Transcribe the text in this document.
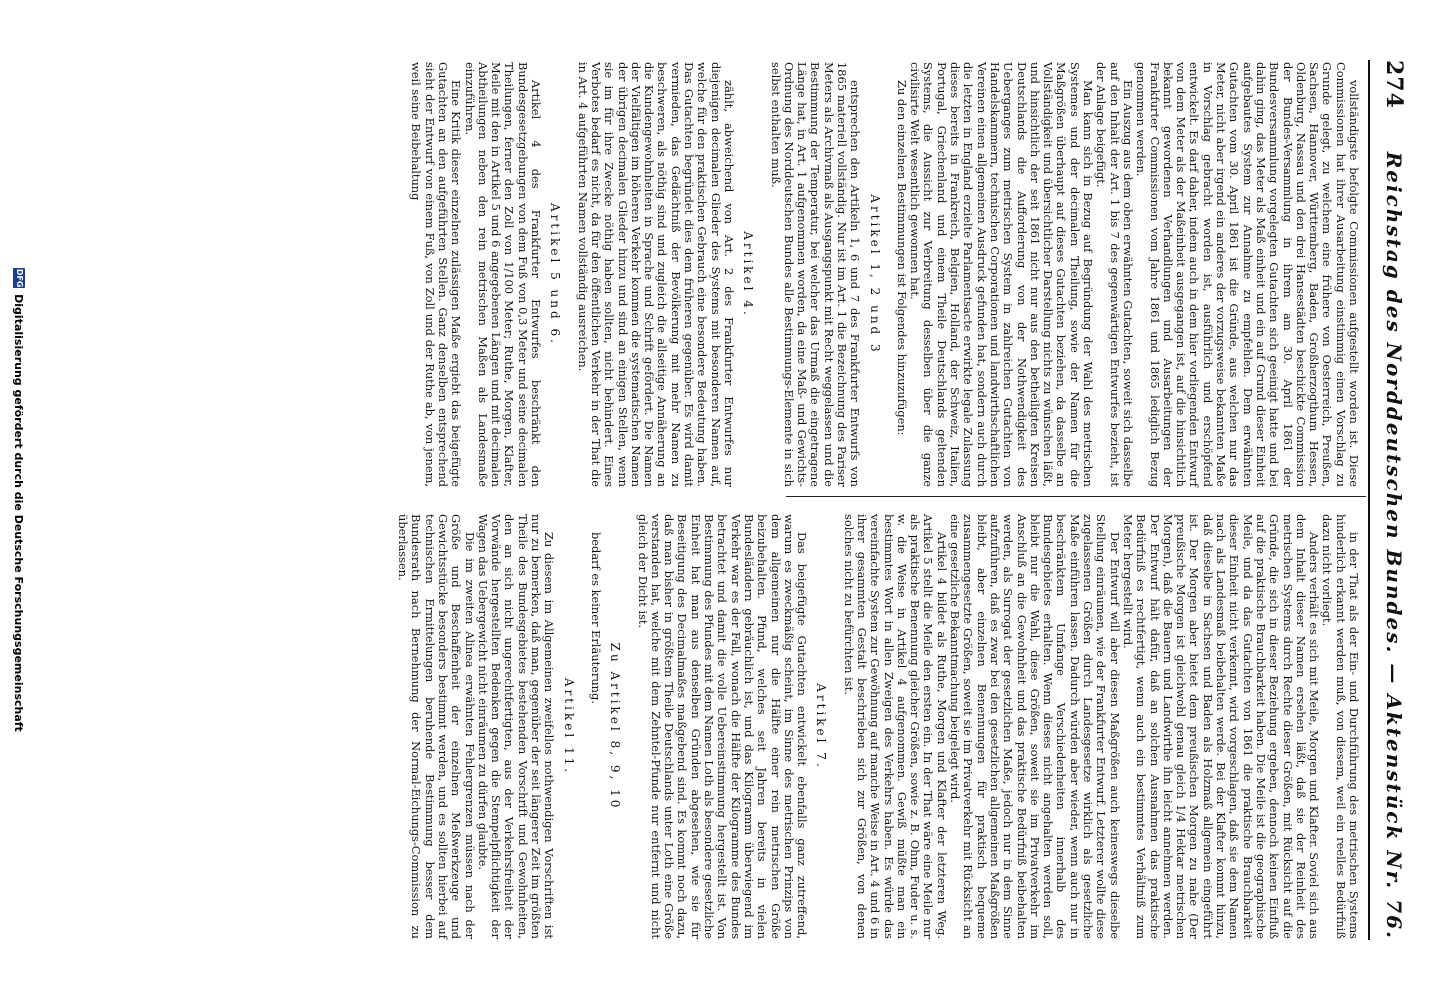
274
Reichstag des Norddeutschen Bundes. — Aktenstück Nr. 76.

vollständigste befolgte Commissionen aufgestellt worden ist. Diese Commissionen hat ihrer Ausarbeitung einstimmig einen Vorschlag zu Grunde gelegt, zu welchem eine frühere von Oesterreich, Preußen, Sachsen, Hannover, Württemberg, Baden, Großherzogthum Hessen, Oldenburg, Nassau und den drei Hansestädten beschickte Commission der Bundes-Versammlung in ihrem am 30. April 1861 der Bundesversammlung vorgelegten Gutachten sich geeinigt hatte und bei dahin ging, das Meter als Maß einheit und ein auf Grund dieser Einheit aufgebautes System zur Annahme zu empfehlen. Dem erwähnten Gutachten vom 30. April 1861 ist die Gründe, aus welchen nur das Meter, nicht aber irgend ein anderes der vorzugsweise bekannten Maße in Vorschlag gebracht worden ist, ausführlich und erschöpfend entwickelt. Es darf daher, indem auch in dem hier vorliegenden Entwurf von dem Meter als der Maßeinheit ausgegangen ist, auf die hinsichtlich bekannt gewordenen Verhandlungen und Ausarbeitungen der Frankfurter Commissionen vom Jahre 1861 und 1865 lediglich Bezug genommen werden.

Ein Auszug aus dem oben erwähnten Gutachten, soweit sich dasselbe auf den Inhalt der Art. 1 bis 7 des gegenwärtigen Entwurfes bezieht, ist der Anlage beigefügt.

Man kann sich in Bezug auf Begründung der Wahl des metrischen Systemes und der decimalen Theilung, sowie der Namen für die Maßgrößen überhaupt auf dieses Gutachten beziehen, da dasselbe an Vollständigkeit und übersichtlicher Darstellung nichts zu wünschen läßt, und hinsichtlich der seit 1861 nicht nur aus den betheiligten Kreisen Deutschlands die Aufforderung von der Nothwendigkeit des Ueberganges zum metrischen System in zahlreichen Gutachten von Handelskammern, technischen Corporationen und landwirthschaftlichen Vereinen einen allgemeinen Ausdruck gefunden hat, sondern auch durch die letzten in England erzielte Parlamentsacte erwirkte legale Zulassung dieses bereits in Frankreich, Belgien, Holland, der Schweiz, Italien, Portugal, Griechenland und einem Theile Deutschlands geltenden Systems, die Aussicht zur Verbreitung desselben über die ganze civilisirte Welt wesentlich gewonnen hat.

Zu den einzelnen Bestimmungen ist Folgendes hinzuzufügen:

Artikel 1, 2 und 3

entsprechen den Artikeln 1, 6 und 7 des Frankfurter Entwurfs von 1865 materiell vollständig. Nur ist im Art. 1 die Bezeichnung des Pariser Meters als Archivmaß als Ausgangspunkt mit Recht weggelassen und die Bestimmung der Temperatur, bei welcher das Urmaß die eingetragene Länge hat, in Art. 1 aufgenommen worden, da eine Maß- und Gewichts-Ordnung des Norddeutschen Bundes alle Bestimmungs-Elemente in sich selbst enthalten muß.

Artikel 4.

zählt, abweichend von Art. 2 des Frankfurter Entwurfes nur diejenigen decimalen Glieder des Systems mit besonderen Namen auf, welche für den praktischen Gebrauch eine besondere Bedeutung haben. Das Gutachten begründet dies dem früheren gegenüber. Es wird damit vermieden, das Gedächtniß der Bevölkerung mit mehr Namen zu beschweren, als nöthig sind und zugleich die allseitige Annäherung an die Kundengewohnheiten in Sprache und Schrift gefördert. Die Namen der Vielfältigen im höheren Verkehr kommen die systematischen Namen der übrigen decimalen Glieder hinzu und sind an einigen Stellen, wenn sie im für ihre Zwecke nöthig haben sollten, nicht behindert. Eines Verbotes bedarf es nicht, da für den öffentlichen Verkehr in der That die in Art. 4 aufgeführten Namen vollständig ausreichen.

Artikel 5 und 6.

Artikel 4 des Frankfurter Entwurfes beschränkt den Bundesgesetzgebungen von dem Fuß von 0,3 Meter und seine decimalen Theilungen, ferner den Zoll von 1/100 Meter; Ruthe, Morgen, Klafter, Meile mit den in Artikel 5 und 6 angegebenen Längen und mit decimalen Abtheilungen neben den rein metrischen Maßen als Landesmaße einzuführen.

Eine Kritik dieser einzelnen zulässigen Maße ergiebt das beigefügte Gutachten an den aufgeführten Stellen. Ganz denselben entsprechend sieht der Entwurf von einem Fuß, von Zoll und der Ruthe ab, von jenem, weil seine Beibehaltung

in der That als der Ein- und Durchführung des metrischen Systems hinderlich erkannt werden muß, von diesem, weil ein reelles Bedürfniß dazu nicht vorliegt.

Anders verhält es sich mit Meile, Morgen und Klafter. Soviel sich aus dem Inhalt dieser Namen ersehen läßt, daß sie der Reinheit des metrischen Systems durch Rechte dieser Größen, mit Rücksicht auf die Gründe, die sich in dieser Beziehung ergeben, dennoch keinen Einfluß auf die praktische Brauchbarkeit haben. Die Meile ist die geographische Meile, und da das Gutachten von 1861 die praktische Brauchbarkeit dieser Einheit nicht verkennt, wird vorgeschlagen, daß sie dem Namen nach als Landesmaß beibehalten werde. Bei der Klafter kommt hinzu, daß dieselbe in Sachsen und Baden als Holzmaß allgemein eingeführt ist. Der Morgen aber bietet dem preußischen Morgen zu nahe (Der preußische Morgen ist gleichwohl genau gleich 1/4 Hektar metrischen Morgen), daß die Bauern und Landwirthe ihn leicht annehmen werden. Der Entwurf hält dafür, daß an solchen Ausnahmen das praktische Bedürfniß es rechtfertigt, wenn auch ein bestimmtes Verhältniß zum Meter hergestellt wird.

Der Entwurf will aber diesen Maßgrößen auch keineswegs dieselbe Stellung einräumen, wie der Frankfurter Entwurf. Letzterer wollte diese zugelassenen Größen durch Landesgesetze wirklich als gesetzliche Maße einführen lassen. Dadurch würden aber wieder, wenn auch nur in beschränktem Umfange Verschiedenheiten innerhalb des Bundesgebietes erhalten. Wenn dieses nicht angehalten werden soll, bleibt nur die Wahl, diese Größen, soweit sie im Privatverkehr im Anschluß an die Gewohnheit und das praktische Bedürfniß beibehalten werden, als Surrogat der gesetzlichen Maße, jedoch nur in dem Sinne aufzuführen, daß es zwar bei den gesetzlichen allgemeinen Maßgrößen bleibt, aber einzelnen Benennungen für praktisch bequeme zusammengesetzte Größen, soweit sie im Privatverkehr mit Rücksicht an eine gesetzliche Bekanntmachung beigelegt wird.

Artikel 4 bildet als Ruthe, Morgen und Klafter der letzteren Weg. Artikel 5 stellt die Meile den ersten ein. In der That wäre eine Meile nur als praktische Benennung gleicher Größen, sowie z. B. Ohm, Fuder u. s. w. die Weise in Artikel 4 aufgenommen. Gewiß müßte man ein bestimmtes Wort in allen Zweigen des Verkehrs haben. Es würde das vereinfachte System zur Gewöhnung auf manche Weise in Art. 4 und 6 in ihrer gesammten Gestalt beschrieben sich zur Größen, von denen solches nicht zu befürchten ist.

Artikel 7.

Das beigefügte Gutachten entwickelt ebenfalls ganz zutreffend, warum es zweckmäßig scheint, im Sinne des metrischen Prinzips von dem allgemeinen nur die Hälfte einer rein metrischen Größe beizubehalten. Pfund, welches seit Jahren bereits in vielen Bundesländern gebräuchlich ist, und das Kilogramm überwiegend im Verkehr war es der Fall, wonach die Hälfte der Kilogramme des Bundes betrachtet und damit die volle Uebereinstimmung hergestellt ist. Von Bestimmung des Pfundes mit dem Namen Loth als besondere gesetzliche Einheit hat man aus denselben Gründen abgesehen, wie sie für Beseitigung des Decimalmaßes maßgebend sind. Es kommt noch dazu, daß man bisher in größtem Theile Deutschlands unter Loth eine Größe verstanden hat, welche mit dem Zehntel-Pfunde nur entfernt und nicht gleich der Dicht ist.

Zu Artikel 8, 9, 10

bedarf es keiner Erläuterung.

Artikel 11.

Zu diesem im Allgemeinen zweifellos nothwendigen Vorschriften ist nur zu bemerken, daß man, gegenüber der seit längerer Zeit im größten Theile des Bundesgebietes bestehenden Vorschrift und Gewohnheiten, den an sich nicht ungerechtfertigten, aus der Verkehrsfreiheit der Vorwände hergestellten Bedenken gegen die Stempelpflichtigkeit der Wagen das Uebergewicht nicht einräumen zu dürfen glaubte.

Die im zweiten Alinea erwähnten Fehlergrenzen müssen nach der Größe und Beschaffenheit der einzelnen Meßwerkzeuge und Gewichtsstücke besonders bestimmt werden, und es sollten hierbei auf technischen Ermittelungen beruhende Bestimmung besser dem Bundesrath nach Bernehmung der Normal-Eichungs-Commission zu überlassen.

DFG
Digitalisierung gefördert durch die Deutsche Forschungsgemeinschaft
